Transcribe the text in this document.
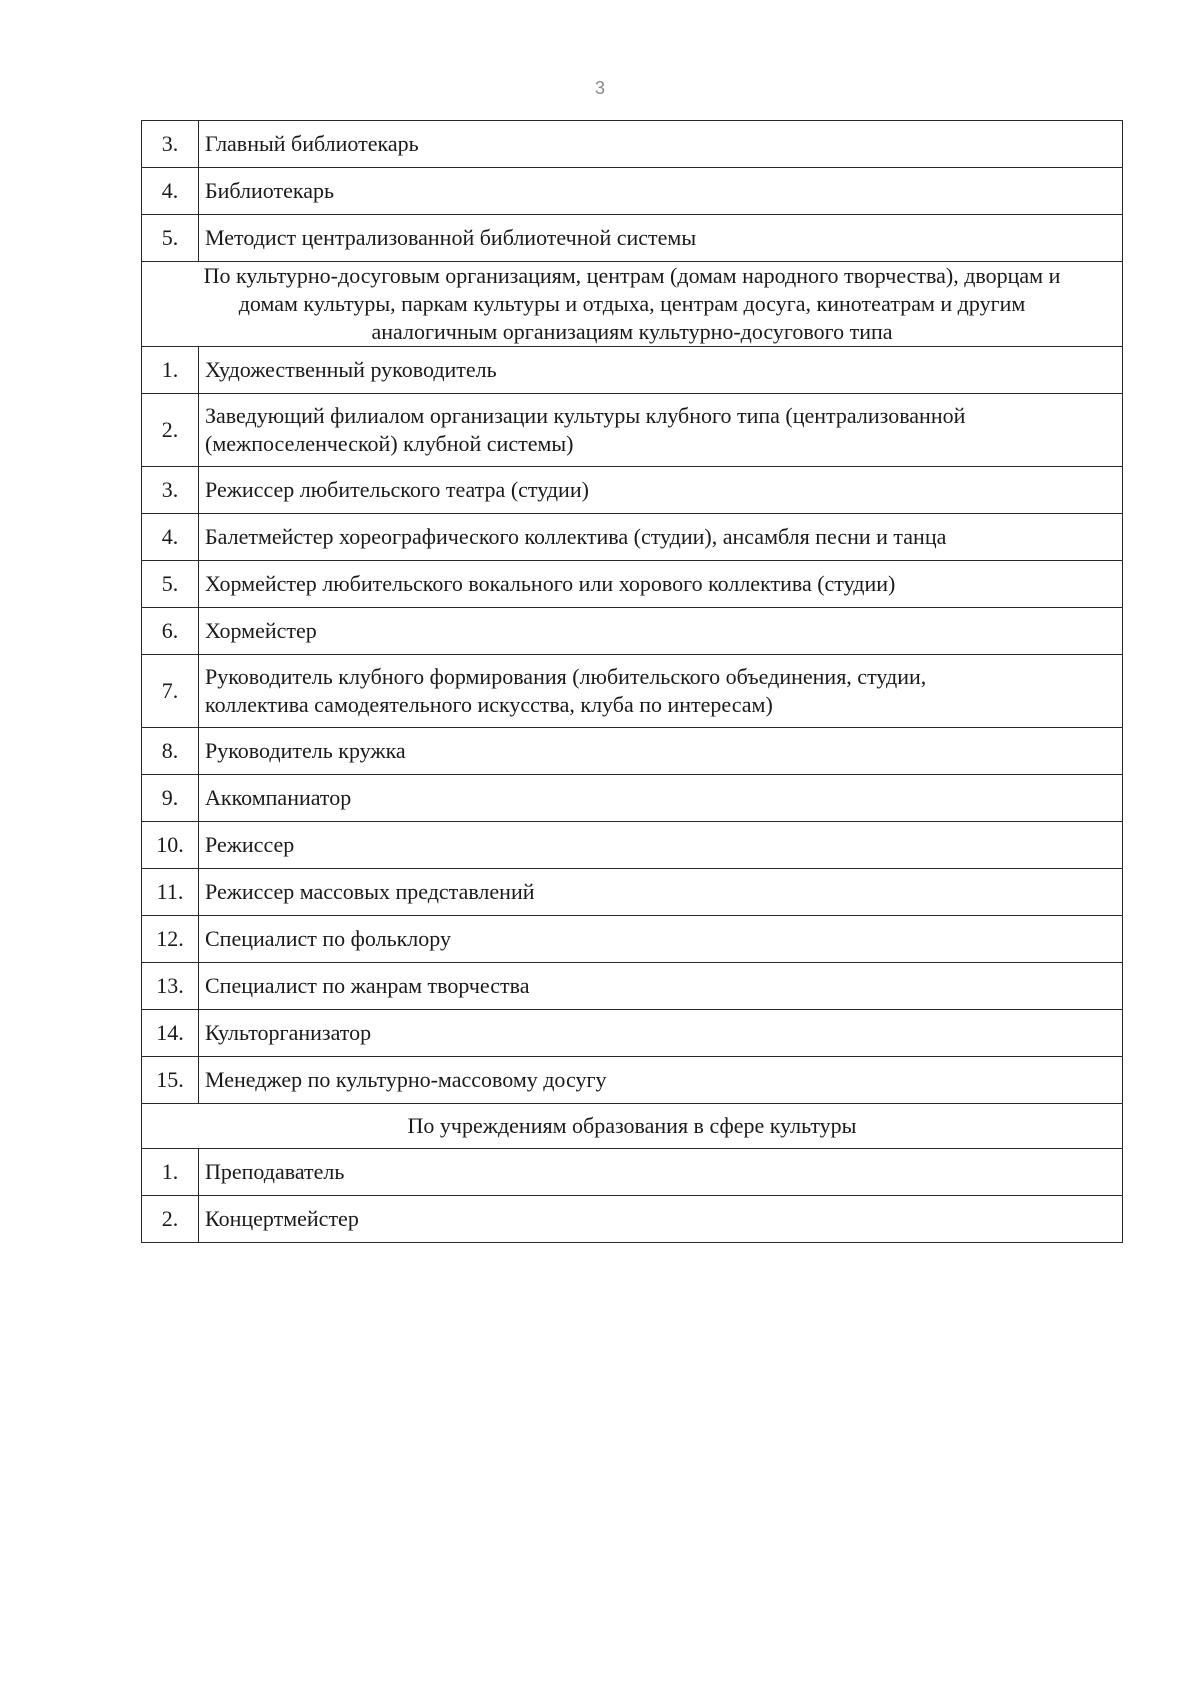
3
3.	Главный библиотекарь
4.	Библиотекарь
5.	Методист централизованной библиотечной системы

По культурно-досуговым организациям, центрам (домам народного творчества), дворцам и
домам культуры, паркам культуры и отдыха, центрам досуга, кинотеатрам и другим
аналогичным организациям культурно-досугового типа	

1.	Художественный руководитель
2.	Заведующий филиалом организации культуры клубного типа (централизованной
(межпоселенческой) клубной системы)

3.	Режиссер любительского театра (студии)
4.	Балетмейстер хореографического коллектива (студии), ансамбля песни и танца
5.	Хормейстер любительского вокального или хорового коллектива (студии)
6.	Хормейстер
7.	Руководитель клубного формирования (любительского объединения, студии,
коллектива самодеятельного искусства, клуба по интересам)

8.	Руководитель кружка
9.	Аккомпаниатор
10.	Режиссер
11.	Режиссер массовых представлений
12.	Специалист по фольклору
13.	Специалист по жанрам творчества
14.	Культорганизатор
15.	Менеджер по культурно-массовому досугу
По учреждениям образования в сфере культуры	
1.	Преподаватель
2.	Концертмейстер
